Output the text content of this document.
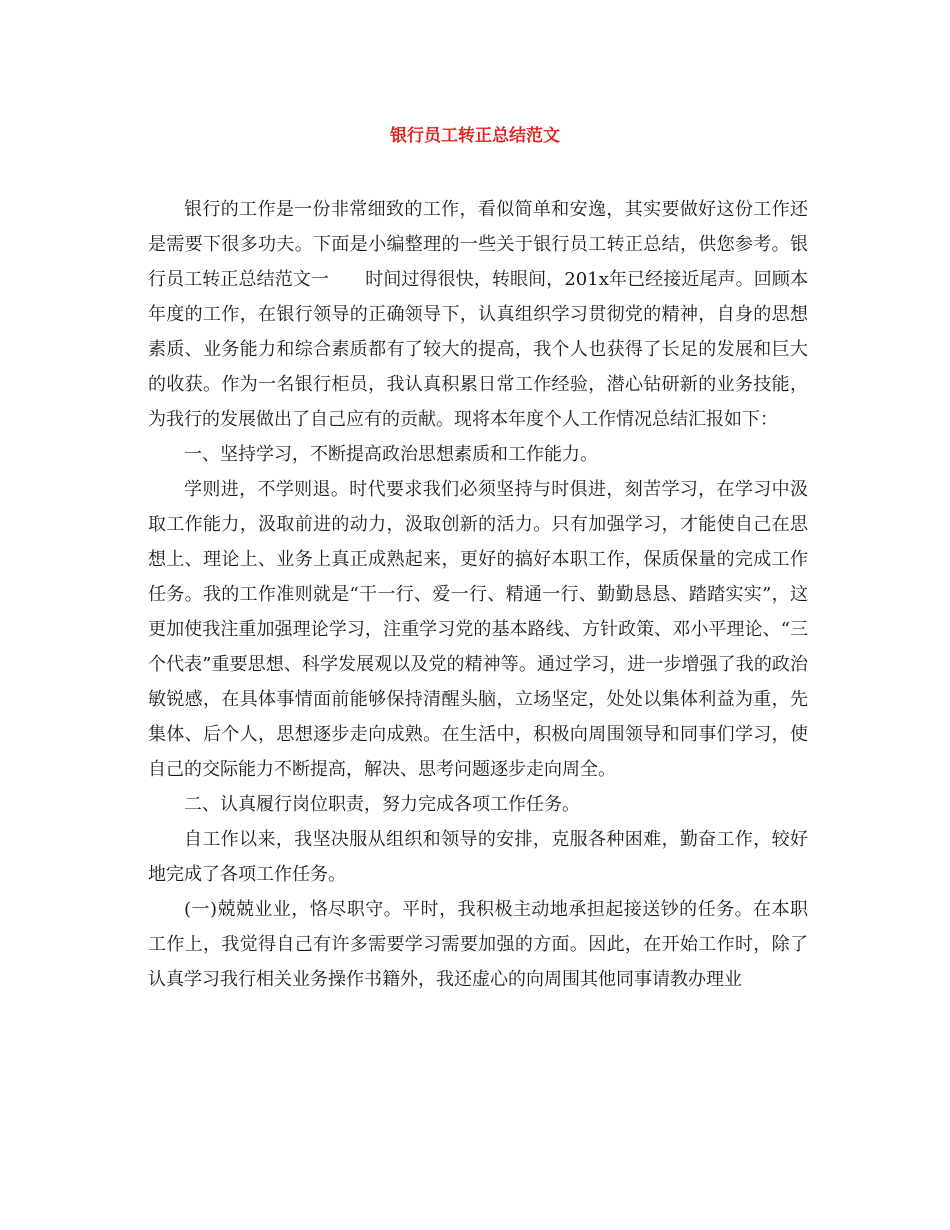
银行员工转正总结范文

银行的工作是一份非常细致的工作，看似简单和安逸，其实要做好这份工作还是需要下很多功夫。下面是小编整理的一些关于银行员工转正总结，供您参考。银行员工转正总结范文一　　时间过得很快，转眼间，201x年已经接近尾声。回顾本年度的工作，在银行领导的正确领导下，认真组织学习贯彻党的精神，自身的思想素质、业务能力和综合素质都有了较大的提高，我个人也获得了长足的发展和巨大的收获。作为一名银行柜员，我认真积累日常工作经验，潜心钻研新的业务技能，为我行的发展做出了自己应有的贡献。现将本年度个人工作情况总结汇报如下：

一、坚持学习，不断提高政治思想素质和工作能力。

学则进，不学则退。时代要求我们必须坚持与时俱进，刻苦学习，在学习中汲取工作能力，汲取前进的动力，汲取创新的活力。只有加强学习，才能使自己在思想上、理论上、业务上真正成熟起来，更好的搞好本职工作，保质保量的完成工作任务。我的工作准则就是“干一行、爱一行、精通一行、勤勤恳恳、踏踏实实”，这更加使我注重加强理论学习，注重学习党的基本路线、方针政策、邓小平理论、“三个代表”重要思想、科学发展观以及党的精神等。通过学习，进一步增强了我的政治敏锐感，在具体事情面前能够保持清醒头脑，立场坚定，处处以集体利益为重，先集体、后个人，思想逐步走向成熟。在生活中，积极向周围领导和同事们学习，使自己的交际能力不断提高，解决、思考问题逐步走向周全。

二、认真履行岗位职责，努力完成各项工作任务。

自工作以来，我坚决服从组织和领导的安排，克服各种困难，勤奋工作，较好地完成了各项工作任务。

(一)兢兢业业，恪尽职守。平时，我积极主动地承担起接送钞的任务。在本职工作上，我觉得自己有许多需要学习需要加强的方面。因此，在开始工作时，除了认真学习我行相关业务操作书籍外，我还虚心的向周围其他同事请教办理业
